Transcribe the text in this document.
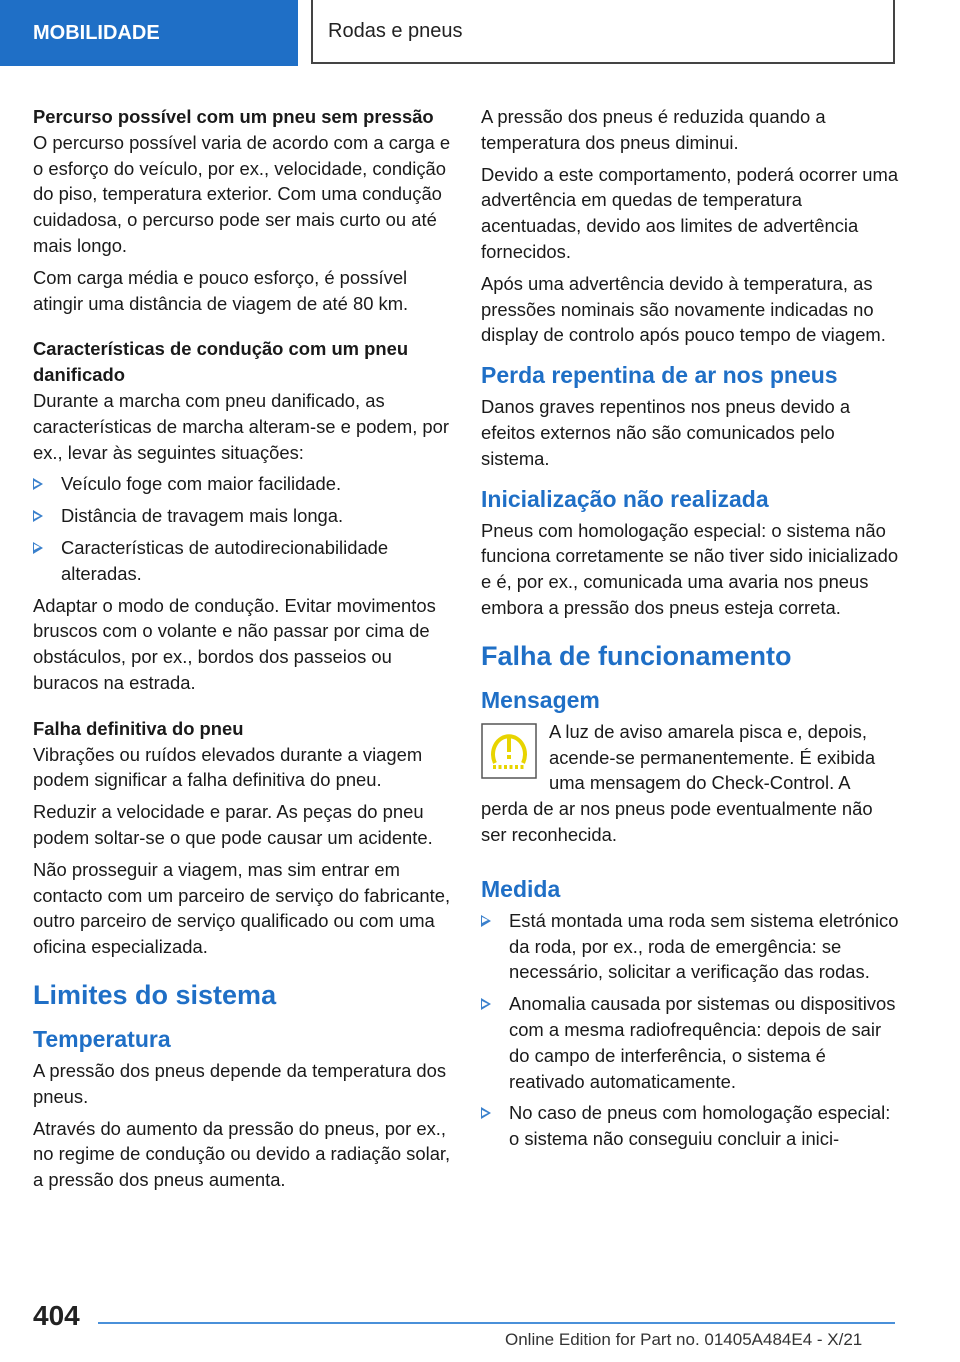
MOBILIDADE	Rodas e pneus

Percurso possível com um pneu sem pressão

O percurso possível varia de acordo com a carga e o esforço do veículo, por ex., velocidade, condição do piso, temperatura exterior. Com uma condução cuidadosa, o percurso pode ser mais curto ou até mais longo.

Com carga média e pouco esforço, é possível atingir uma distância de viagem de até 80 km.

Características de condução com um pneu danificado

Durante a marcha com pneu danificado, as características de marcha alteram-se e podem, por ex., levar às seguintes situações:

Veículo foge com maior facilidade.
Distância de travagem mais longa.
Características de autodirecionabilidade alteradas.

Adaptar o modo de condução. Evitar movimentos bruscos com o volante e não passar por cima de obstáculos, por ex., bordos dos passeios ou buracos na estrada.

Falha definitiva do pneu

Vibrações ou ruídos elevados durante a viagem podem significar a falha definitiva do pneu.

Reduzir a velocidade e parar. As peças do pneu podem soltar-se o que pode causar um acidente.

Não prosseguir a viagem, mas sim entrar em contacto com um parceiro de serviço do fabricante, outro parceiro de serviço qualificado ou com uma oficina especializada.

Limites do sistema
Temperatura

A pressão dos pneus depende da temperatura dos pneus.

Através do aumento da pressão do pneus, por ex., no regime de condução ou devido a radiação solar, a pressão dos pneus aumenta.

A pressão dos pneus é reduzida quando a temperatura dos pneus diminui.

Devido a este comportamento, poderá ocorrer uma advertência em quedas de temperatura acentuadas, devido aos limites de advertência fornecidos.

Após uma advertência devido à temperatura, as pressões nominais são novamente indicadas no display de controlo após pouco tempo de viagem.

Perda repentina de ar nos pneus

Danos graves repentinos nos pneus devido a efeitos externos não são comunicados pelo sistema.

Inicialização não realizada

Pneus com homologação especial: o sistema não funciona corretamente se não tiver sido inicializado e é, por ex., comunicada uma avaria nos pneus embora a pressão dos pneus esteja correta.

Falha de funcionamento
Mensagem

A luz de aviso amarela pisca e, depois, acende-se permanentemente. É exibida uma mensagem do Check-Control. A perda de ar nos pneus pode eventualmente não ser reconhecida.

Medida
Está montada uma roda sem sistema eletrónico da roda, por ex., roda de emergência: se necessário, solicitar a verificação das rodas.
Anomalia causada por sistemas ou dispositivos com a mesma radiofrequência: depois de sair do campo de interferência, o sistema é reativado automaticamente.
No caso de pneus com homologação especial: o sistema não conseguiu concluir a inici-
404
Online Edition for Part no. 01405A484E4 - X/21
